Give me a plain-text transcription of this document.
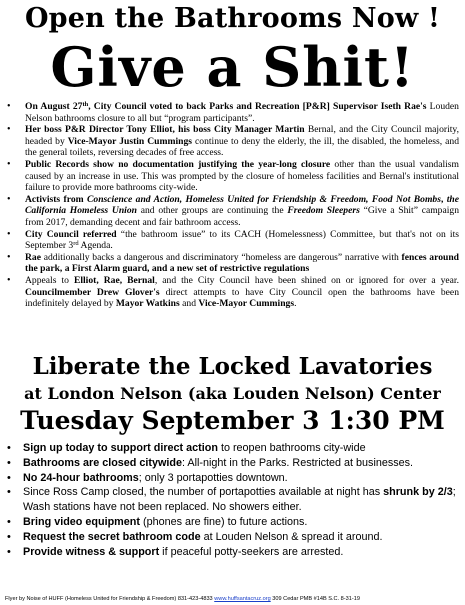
Open the Bathrooms Now !
Give a Shit!
• On August 27th, City Council voted to back Parks and Recreation [P&R] Supervisor Iseth Rae's Louden Nelson bathrooms closure to all but “program participants”.
• Her boss P&R Director Tony Elliot, his boss City Manager Martin Bernal, and the City Council majority, headed by Vice-Mayor Justin Cummings continue to deny the elderly, the ill, the disabled, the homeless, and the general toilets, reversing decades of free access.
• Public Records show no documentation justifying the year-long closure other than the usual vandalism caused by an increase in use. This was prompted by the closure of homeless facilities and Bernal's institutional failure to provide more bathrooms city-wide.
• Activists from Conscience and Action, Homeless United for Friendship & Freedom, Food Not Bombs, the California Homeless Union and other groups are continuing the Freedom Sleepers “Give a Shit” campaign from 2017, demanding decent and fair bathroom access.
• City Council referred “the bathroom issue” to its CACH (Homelessness) Committee, but that's not on its September 3rd Agenda.
• Rae additionally backs a dangerous and discriminatory “homeless are dangerous” narrative with fences around the park, a First Alarm guard, and a new set of restrictive regulations
• Appeals to Elliot, Rae, Bernal, and the City Council have been shined on or ignored for over a year. Councilmember Drew Glover's direct attempts to have City Council open the bathrooms have been indefinitely delayed by Mayor Watkins and Vice-Mayor Cummings.
Liberate the Locked Lavatories
at London Nelson (aka Louden Nelson) Center
Tuesday September 3 1:30 PM
• Sign up today to support direct action to reopen bathrooms city-wide
• Bathrooms are closed citywide: All-night in the Parks. Restricted at businesses.
• No 24-hour bathrooms; only 3 portapotties downtown.
• Since Ross Camp closed, the number of portapotties available at night has shrunk by 2/3; Wash stations have not been replaced. No showers either.
• Bring video equipment (phones are fine) to future actions.
• Request the secret bathroom code at Louden Nelson & spread it around.
• Provide witness & support if peaceful potty-seekers are arrested.
Flyer by Noise of HUFF (Homeless United for Friendship & Freedom) 831-423-4833 www.huffsantacruz.org 309 Cedar PMB #14B S.C. 8-31-19
